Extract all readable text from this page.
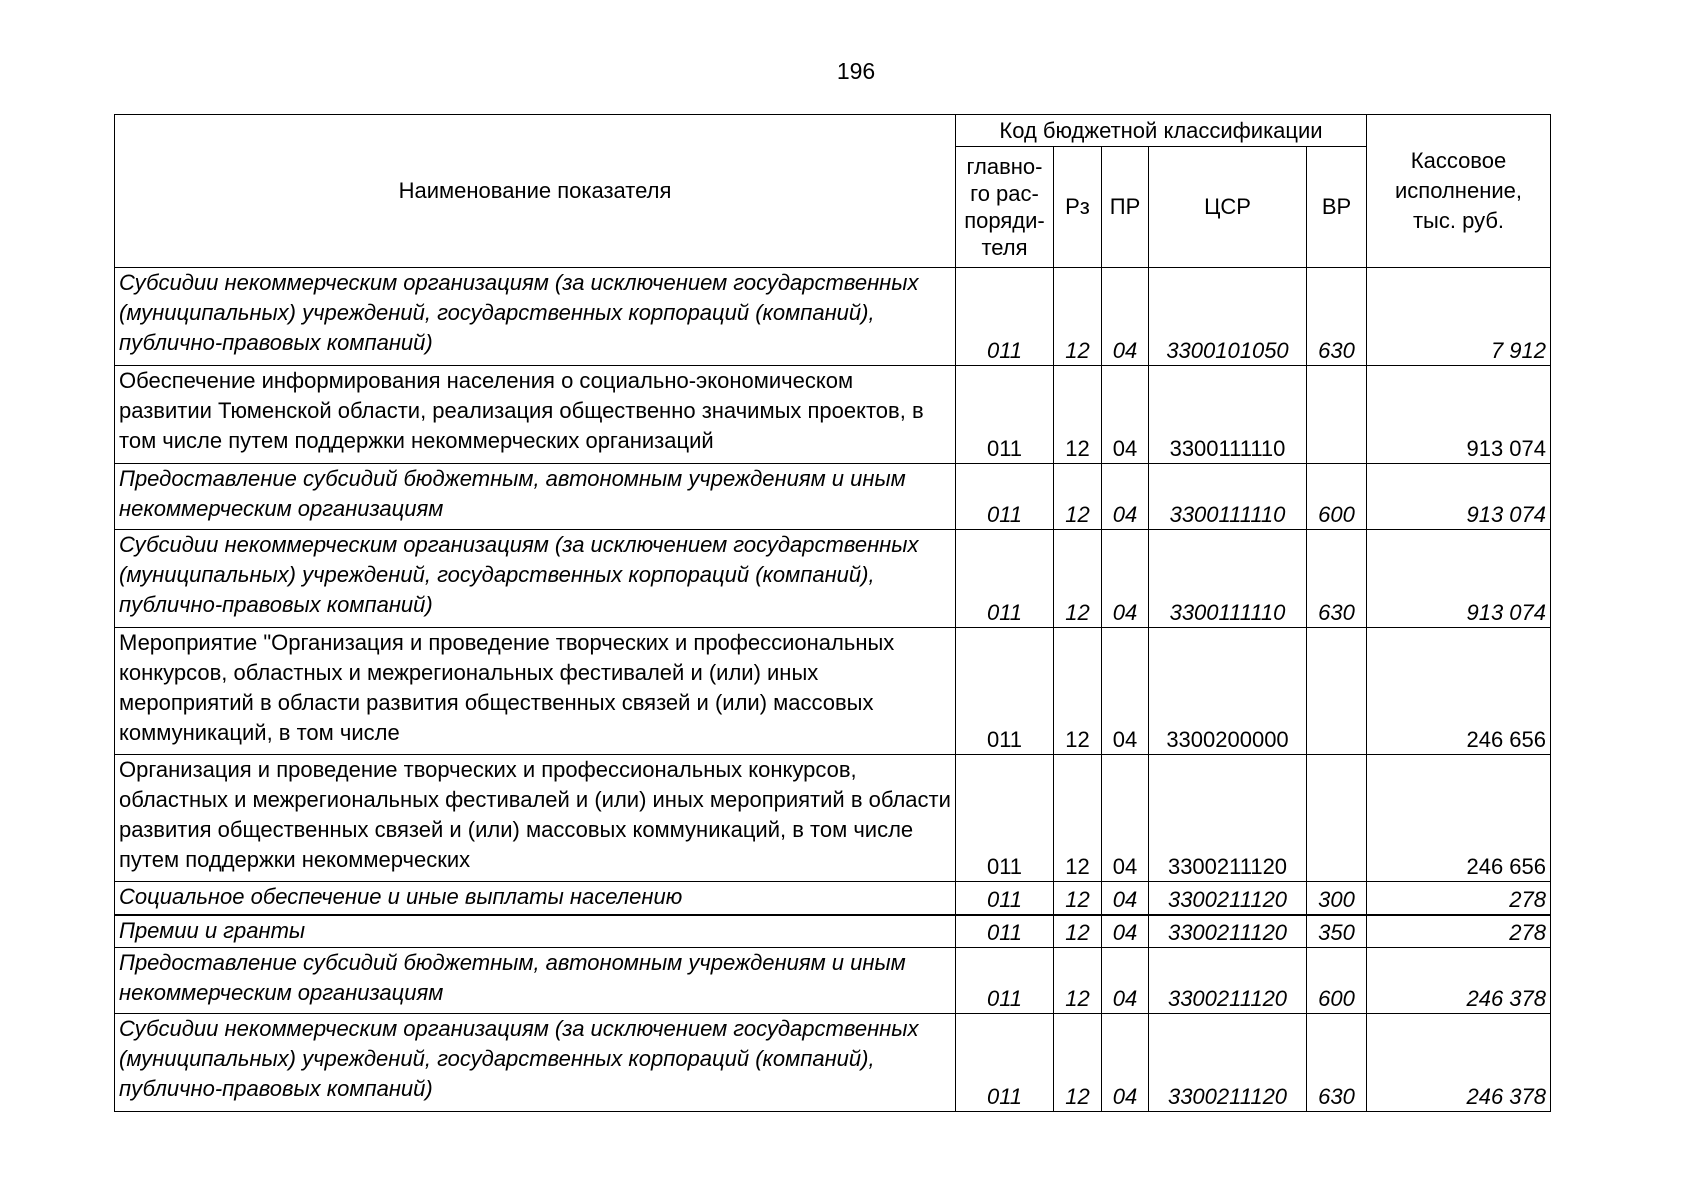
196
Наименование показателя	Код бюджетной классификации					Кассовое исполнение, тыс. руб.
	главно-го рас-поряди-теля	Рз	ПР	ЦСР	ВР	
Субсидии некоммерческим организациям (за исключением государственных (муниципальных) учреждений, государственных корпораций (компаний), публично-правовых компаний)	011	12	04	3300101050	630	7 912
Обеспечение информирования населения о социально-экономическом развитии Тюменской области, реализация общественно значимых проектов, в том числе путем поддержки некоммерческих организаций	011	12	04	3300111110		913 074
Предоставление субсидий бюджетным, автономным учреждениям и иным некоммерческим организациям	011	12	04	3300111110	600	913 074
Субсидии некоммерческим организациям (за исключением государственных (муниципальных) учреждений, государственных корпораций (компаний), публично-правовых компаний)	011	12	04	3300111110	630	913 074
Мероприятие "Организация и проведение творческих и профессиональных конкурсов, областных и межрегиональных фестивалей и (или) иных мероприятий в области развития общественных связей и (или) массовых коммуникаций, в том числе	011	12	04	3300200000		246 656
Организация и проведение творческих и профессиональных конкурсов, областных и межрегиональных фестивалей и (или) иных мероприятий в области развития общественных связей и (или) массовых коммуникаций, в том числе путем поддержки некоммерческих	011	12	04	3300211120		246 656
Социальное обеспечение и иные выплаты населению	011	12	04	3300211120	300	278
Премии и гранты	011	12	04	3300211120	350	278
Предоставление субсидий бюджетным, автономным учреждениям и иным некоммерческим организациям	011	12	04	3300211120	600	246 378
Субсидии некоммерческим организациям (за исключением государственных (муниципальных) учреждений, государственных корпораций (компаний), публично-правовых компаний)	011	12	04	3300211120	630	246 378
